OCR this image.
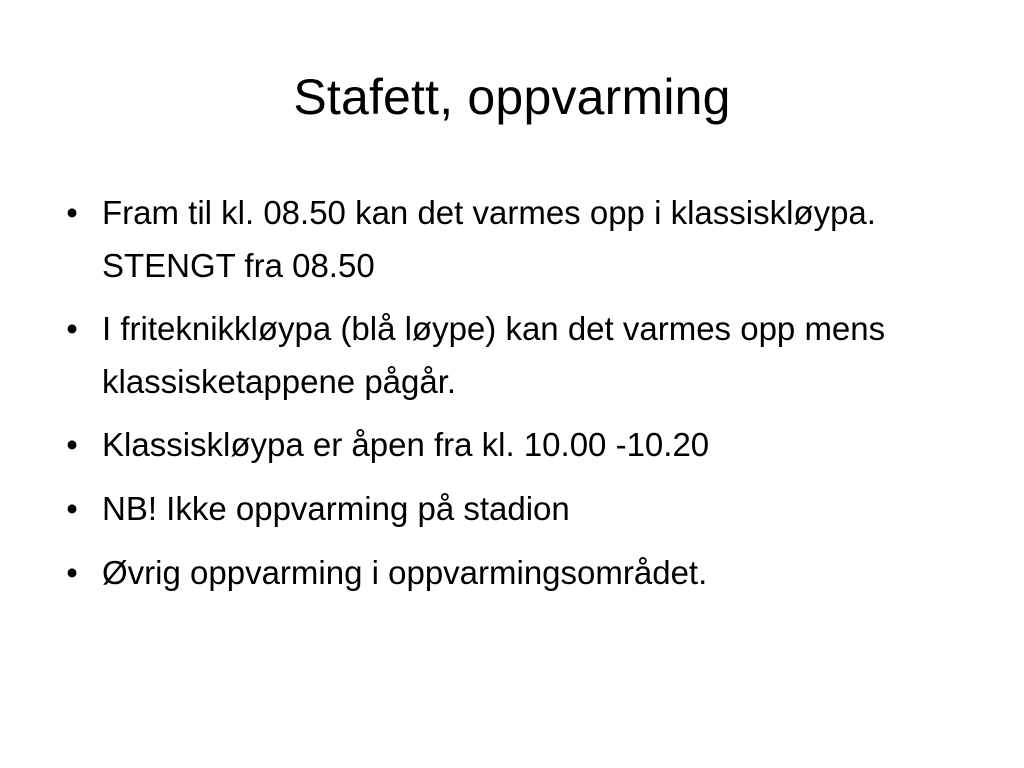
Stafett, oppvarming
• Fram til kl. 08.50 kan det varmes opp i klassiskløypa. STENGT fra 08.50
• I friteknikkløypa (blå løype) kan det varmes opp mens klassisketappene pågår.
• Klassiskløypa er åpen fra kl. 10.00 -10.20
• NB! Ikke oppvarming på stadion
• Øvrig oppvarming i oppvarmingsområdet.
